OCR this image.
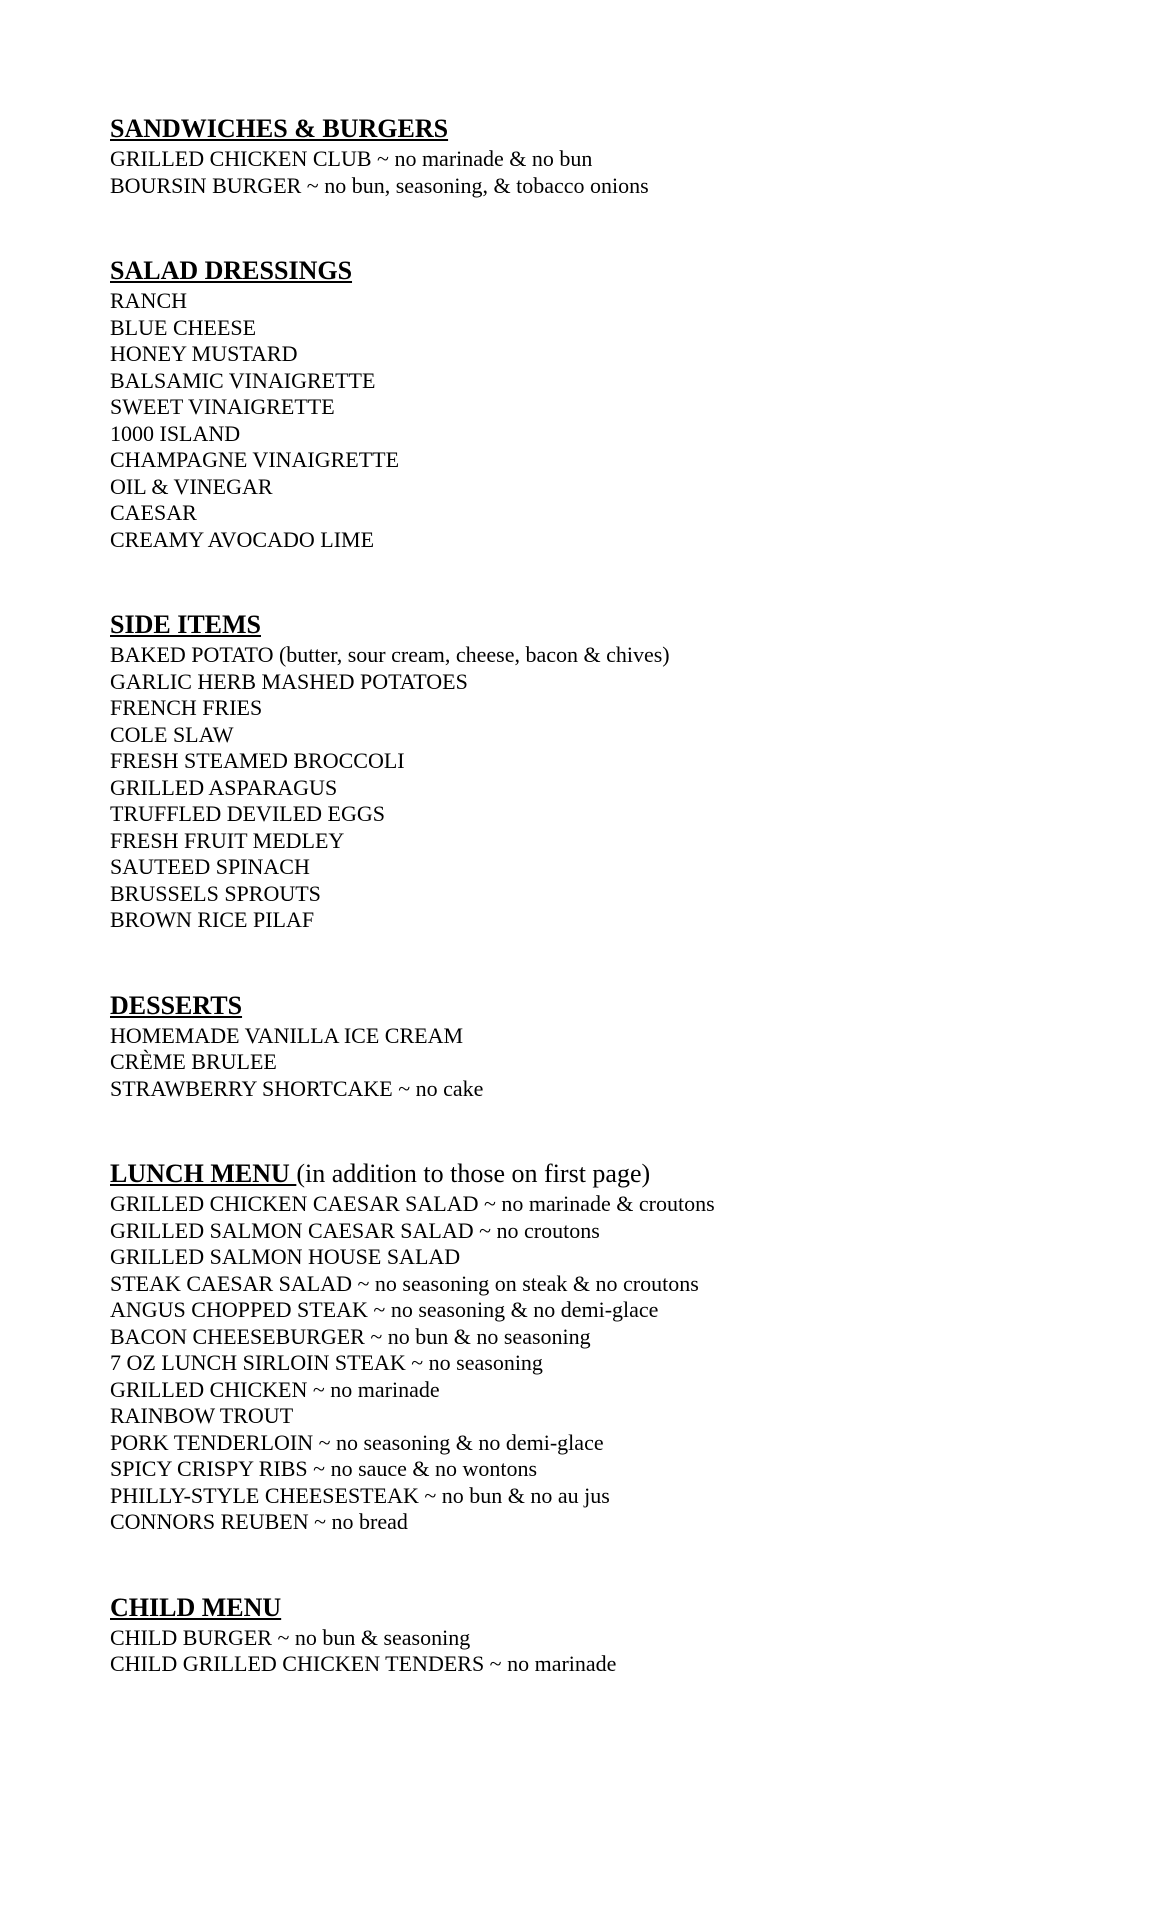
SANDWICHES & BURGERS
GRILLED CHICKEN CLUB ~ no marinade & no bun
BOURSIN BURGER ~ no bun, seasoning, & tobacco onions
SALAD DRESSINGS
RANCH
BLUE CHEESE
HONEY MUSTARD
BALSAMIC VINAIGRETTE
SWEET VINAIGRETTE
1000 ISLAND
CHAMPAGNE VINAIGRETTE
OIL & VINEGAR
CAESAR
CREAMY AVOCADO LIME
SIDE ITEMS
BAKED POTATO (butter, sour cream, cheese, bacon & chives)
GARLIC HERB MASHED POTATOES
FRENCH FRIES
COLE SLAW
FRESH STEAMED BROCCOLI
GRILLED ASPARAGUS
TRUFFLED DEVILED EGGS
FRESH FRUIT MEDLEY
SAUTEED SPINACH
BRUSSELS SPROUTS
BROWN RICE PILAF
DESSERTS
HOMEMADE VANILLA ICE CREAM
CRÈME BRULEE
STRAWBERRY SHORTCAKE ~ no cake
LUNCH MENU (in addition to those on first page)
GRILLED CHICKEN CAESAR SALAD ~ no marinade & croutons
GRILLED SALMON CAESAR SALAD ~ no croutons
GRILLED SALMON HOUSE SALAD
STEAK CAESAR SALAD ~ no seasoning on steak & no croutons
ANGUS CHOPPED STEAK ~ no seasoning & no demi-glace
BACON CHEESEBURGER ~ no bun & no seasoning
7 OZ LUNCH SIRLOIN STEAK ~ no seasoning
GRILLED CHICKEN ~ no marinade
RAINBOW TROUT
PORK TENDERLOIN ~ no seasoning & no demi-glace
SPICY CRISPY RIBS ~ no sauce & no wontons
PHILLY-STYLE CHEESESTEAK ~ no bun & no au jus
CONNORS REUBEN ~ no bread
CHILD MENU
CHILD BURGER ~ no bun & seasoning
CHILD GRILLED CHICKEN TENDERS ~ no marinade
